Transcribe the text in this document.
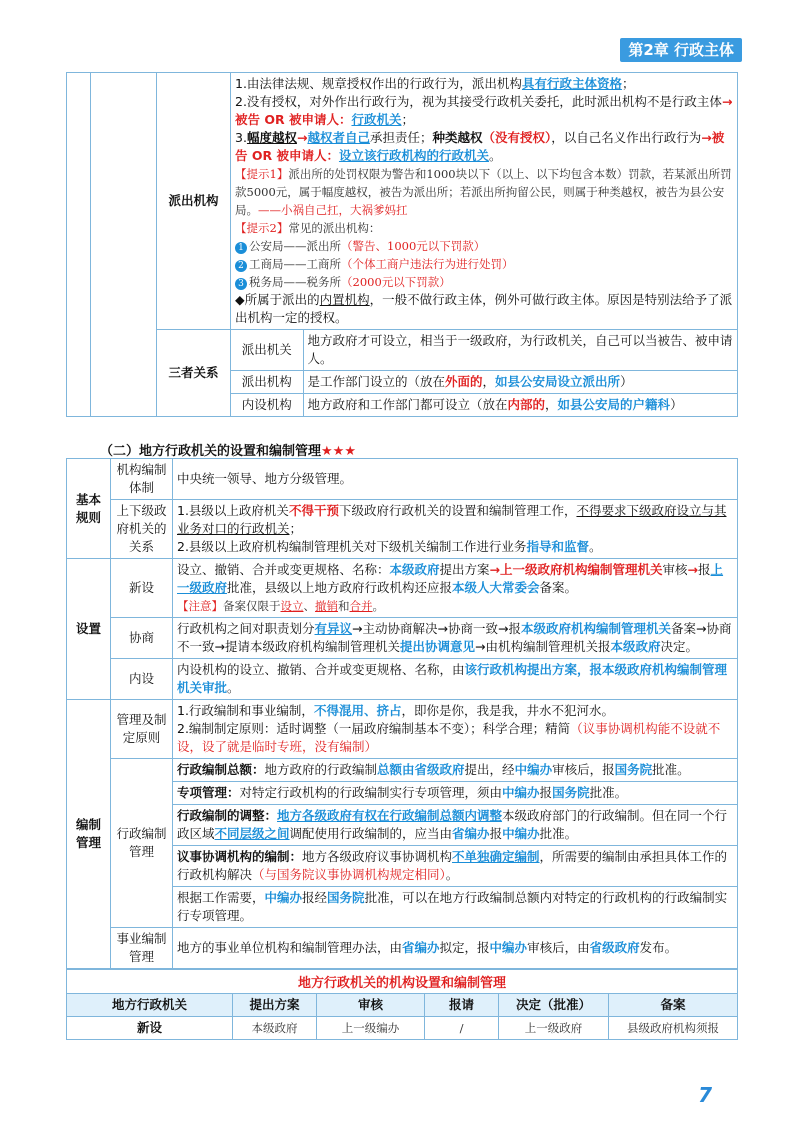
第2章 行政主体
		派出机构	
1.由法律法规、规章授权作出的行政行为，派出机构具有行政主体资格；
2.没有授权，对外作出行政行为，视为其接受行政机关委托，此时派出机构不是行政主体→被告 OR 被申请人：行政机关；
3.幅度越权→越权者自己承担责任；种类越权（没有授权），以自己名义作出行政行为→被告 OR 被申请人：设立该行政机构的行政机关。
【提示1】派出所的处罚权限为警告和1000块以下（以上、以下均包含本数）罚款，若某派出所罚款5000元，属于幅度越权，被告为派出所；若派出所拘留公民，则属于种类越权，被告为县公安局。——小祸自己扛，大祸爹妈扛
【提示2】常见的派出机构：
1 公安局——派出所（警告、1000元以下罚款）
2 工商局——工商所（个体工商户违法行为进行处罚）
3 税务局——税务所（2000元以下罚款）
◆所属于派出的内置机构，一般不做行政主体，例外可做行政主体。原因是特别法给予了派出机构一定的授权。

三者关系	
派出机关	地方政府才可设立，相当于一级政府，为行政机关，自己可以当被告、被申请人。
派出机构	是工作部门设立的（放在外面的，如县公安局设立派出所）
内设机构	地方政府和工作部门都可设立（放在内部的，如县公安局的户籍科）
（二）地方行政机关的设置和编制管理★★★
基本规则	机构编制体制	中央统一领导、地方分级管理。
	上下级政府机关的关系	1.县级以上政府机关不得干预下级政府行政机关的设置和编制管理工作，不得要求下级政府设立与其业务对口的行政机关；
2.县级以上政府机构编制管理机关对下级机关编制工作进行业务指导和监督。

设置	新设	设立、撤销、合并或变更规格、名称：本级政府提出方案→上一级政府机构编制管理机关审核→报上一级政府批准，县级以上地方政府行政机构还应报本级人大常委会备案。
【注意】备案仅限于设立、撤销和合并。

	协商	行政机构之间对职责划分有异议→主动协商解决→协商一致→报本级政府机构编制管理机关备案→协商不一致→提请本级政府机构编制管理机关提出协调意见→由机构编制管理机关报本级政府决定。
	内设	内设机构的设立、撤销、合并或变更规格、名称，由该行政机构提出方案，报本级政府机构编制管理机关审批。
编制管理	管理及制定原则	1.行政编制和事业编制，不得混用、挤占，即你是你，我是我，井水不犯河水。
2.编制制定原则：适时调整（一届政府编制基本不变）；科学合理；精简（议事协调机构能不设就不设，设了就是临时专班，没有编制）

	行政编制管理	行政编制总额：地方政府的行政编制总额由省级政府提出，经中编办审核后，报国务院批准。
		专项管理：对特定行政机构的行政编制实行专项管理，须由中编办报国务院批准。
		行政编制的调整：地方各级政府有权在行政编制总额内调整本级政府部门的行政编制。但在同一个行政区域不同层级之间调配使用行政编制的，应当由省编办报中编办批准。
		议事协调机构的编制：地方各级政府议事协调机构不单独确定编制，所需要的编制由承担具体工作的行政机构解决（与国务院议事协调机构规定相同）。
		根据工作需要，中编办报经国务院批准，可以在地方行政编制总额内对特定的行政机构的行政编制实行专项管理。
	事业编制管理	地方的事业单位机构和编制管理办法，由省编办拟定，报中编办审核后，由省级政府发布。
地方行政机关的机构设置和编制管理
地方行政机关	提出方案	审核	报请	决定（批准）	备案
新设	本级政府	上一级编办	/	上一级政府	县级政府机构须报
7
